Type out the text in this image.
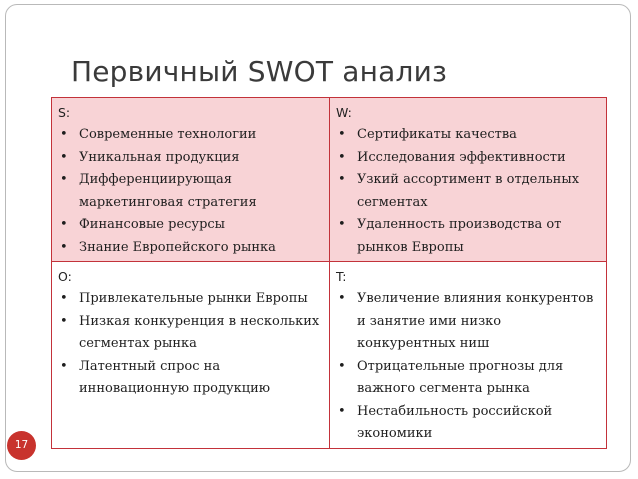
Первичный SWOT анализ
S:
• Современные технологии
• Уникальная продукция
• Дифференциирующая маркетинговая стратегия
• Финансовые ресурсы
• Знание Европейского рынка
W:
• Сертификаты качества
• Исследования эффективности
• Узкий ассортимент в отдельных сегментах
• Удаленность производства от рынков Европы
O:
• Привлекательные рынки Европы
• Низкая конкуренция в нескольких сегментах рынка
• Латентный спрос на инновационную продукцию
T:
• Увеличение влияния конкурентов и занятие ими низко конкурентных ниш
• Отрицательные прогнозы для важного сегмента рынка
• Нестабильность российской экономики
17
